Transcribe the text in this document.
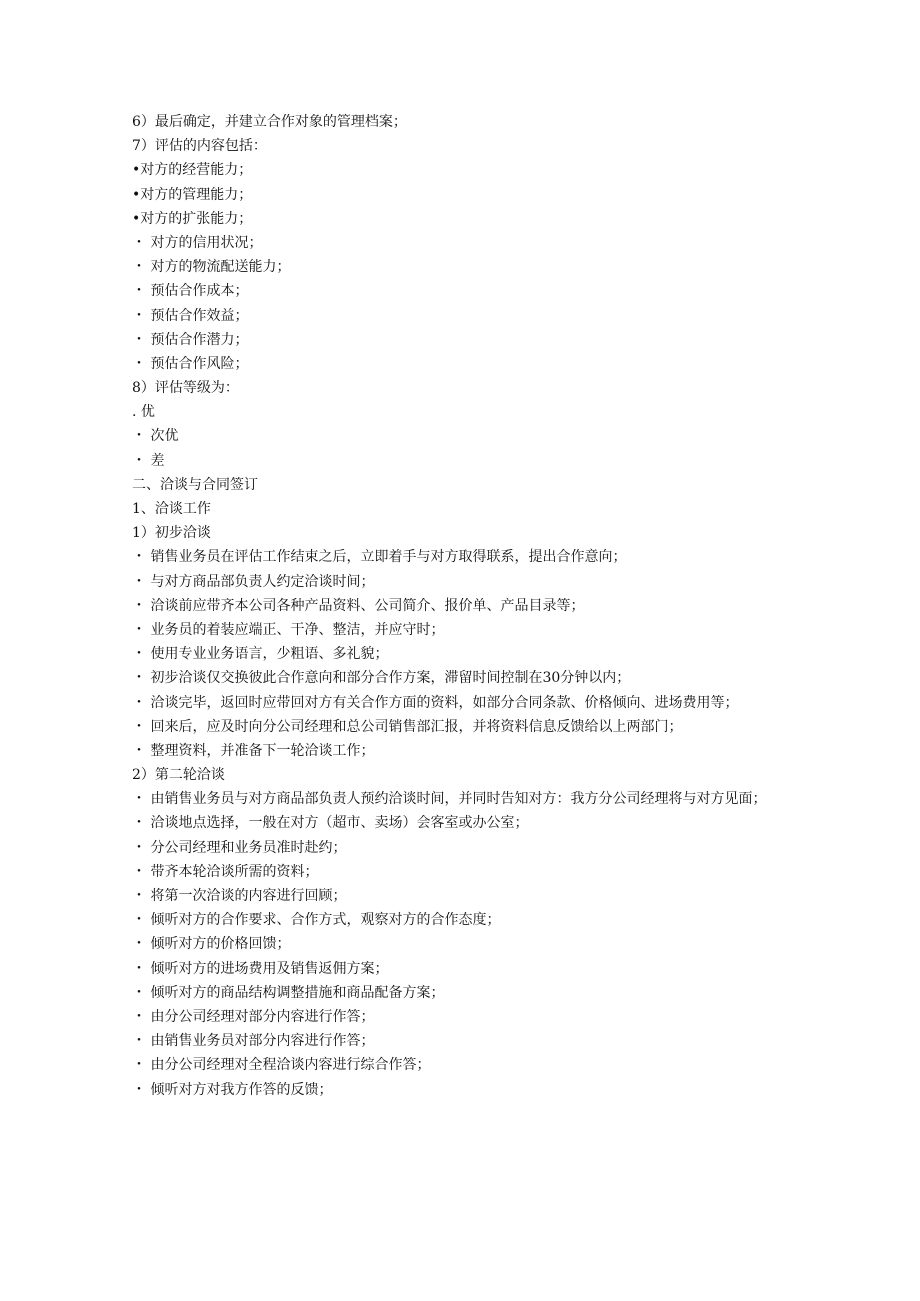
6）最后确定，并建立合作对象的管理档案；
7）评估的内容包括：
•对方的经营能力；
•对方的管理能力；
•对方的扩张能力；
・ 对方的信用状况；
・ 对方的物流配送能力；
・ 预估合作成本；
・ 预估合作效益；
・ 预估合作潜力；
・ 预估合作风险；
8）评估等级为：
. 优
・ 次优
・ 差
二、洽谈与合同签订
1、洽谈工作
1）初步洽谈
・ 销售业务员在评估工作结束之后，立即着手与对方取得联系，提出合作意向；
・ 与对方商品部负责人约定洽谈时间；
・ 洽谈前应带齐本公司各种产品资料、公司简介、报价单、产品目录等；
・ 业务员的着装应端正、干净、整洁，并应守时；
・ 使用专业业务语言，少粗语、多礼貌；
・ 初步洽谈仅交换彼此合作意向和部分合作方案，滞留时间控制在30分钟以内；
・ 洽谈完毕，返回时应带回对方有关合作方面的资料，如部分合同条款、价格倾向、进场费用等；
・ 回来后，应及时向分公司经理和总公司销售部汇报，并将资料信息反馈给以上两部门；
・ 整理资料，并准备下一轮洽谈工作；
2）第二轮洽谈
・ 由销售业务员与对方商品部负责人预约洽谈时间，并同时告知对方：我方分公司经理将与对方见面；
・ 洽谈地点选择，一般在对方（超市、卖场）会客室或办公室；
・ 分公司经理和业务员准时赴约；
・ 带齐本轮洽谈所需的资料；
・ 将第一次洽谈的内容进行回顾；
・ 倾听对方的合作要求、合作方式，观察对方的合作态度；
・ 倾听对方的价格回馈；
・ 倾听对方的进场费用及销售返佣方案；
・ 倾听对方的商品结构调整措施和商品配备方案；
・ 由分公司经理对部分内容进行作答；
・ 由销售业务员对部分内容进行作答；
・ 由分公司经理对全程洽谈内容进行综合作答；
・ 倾听对方对我方作答的反馈；
